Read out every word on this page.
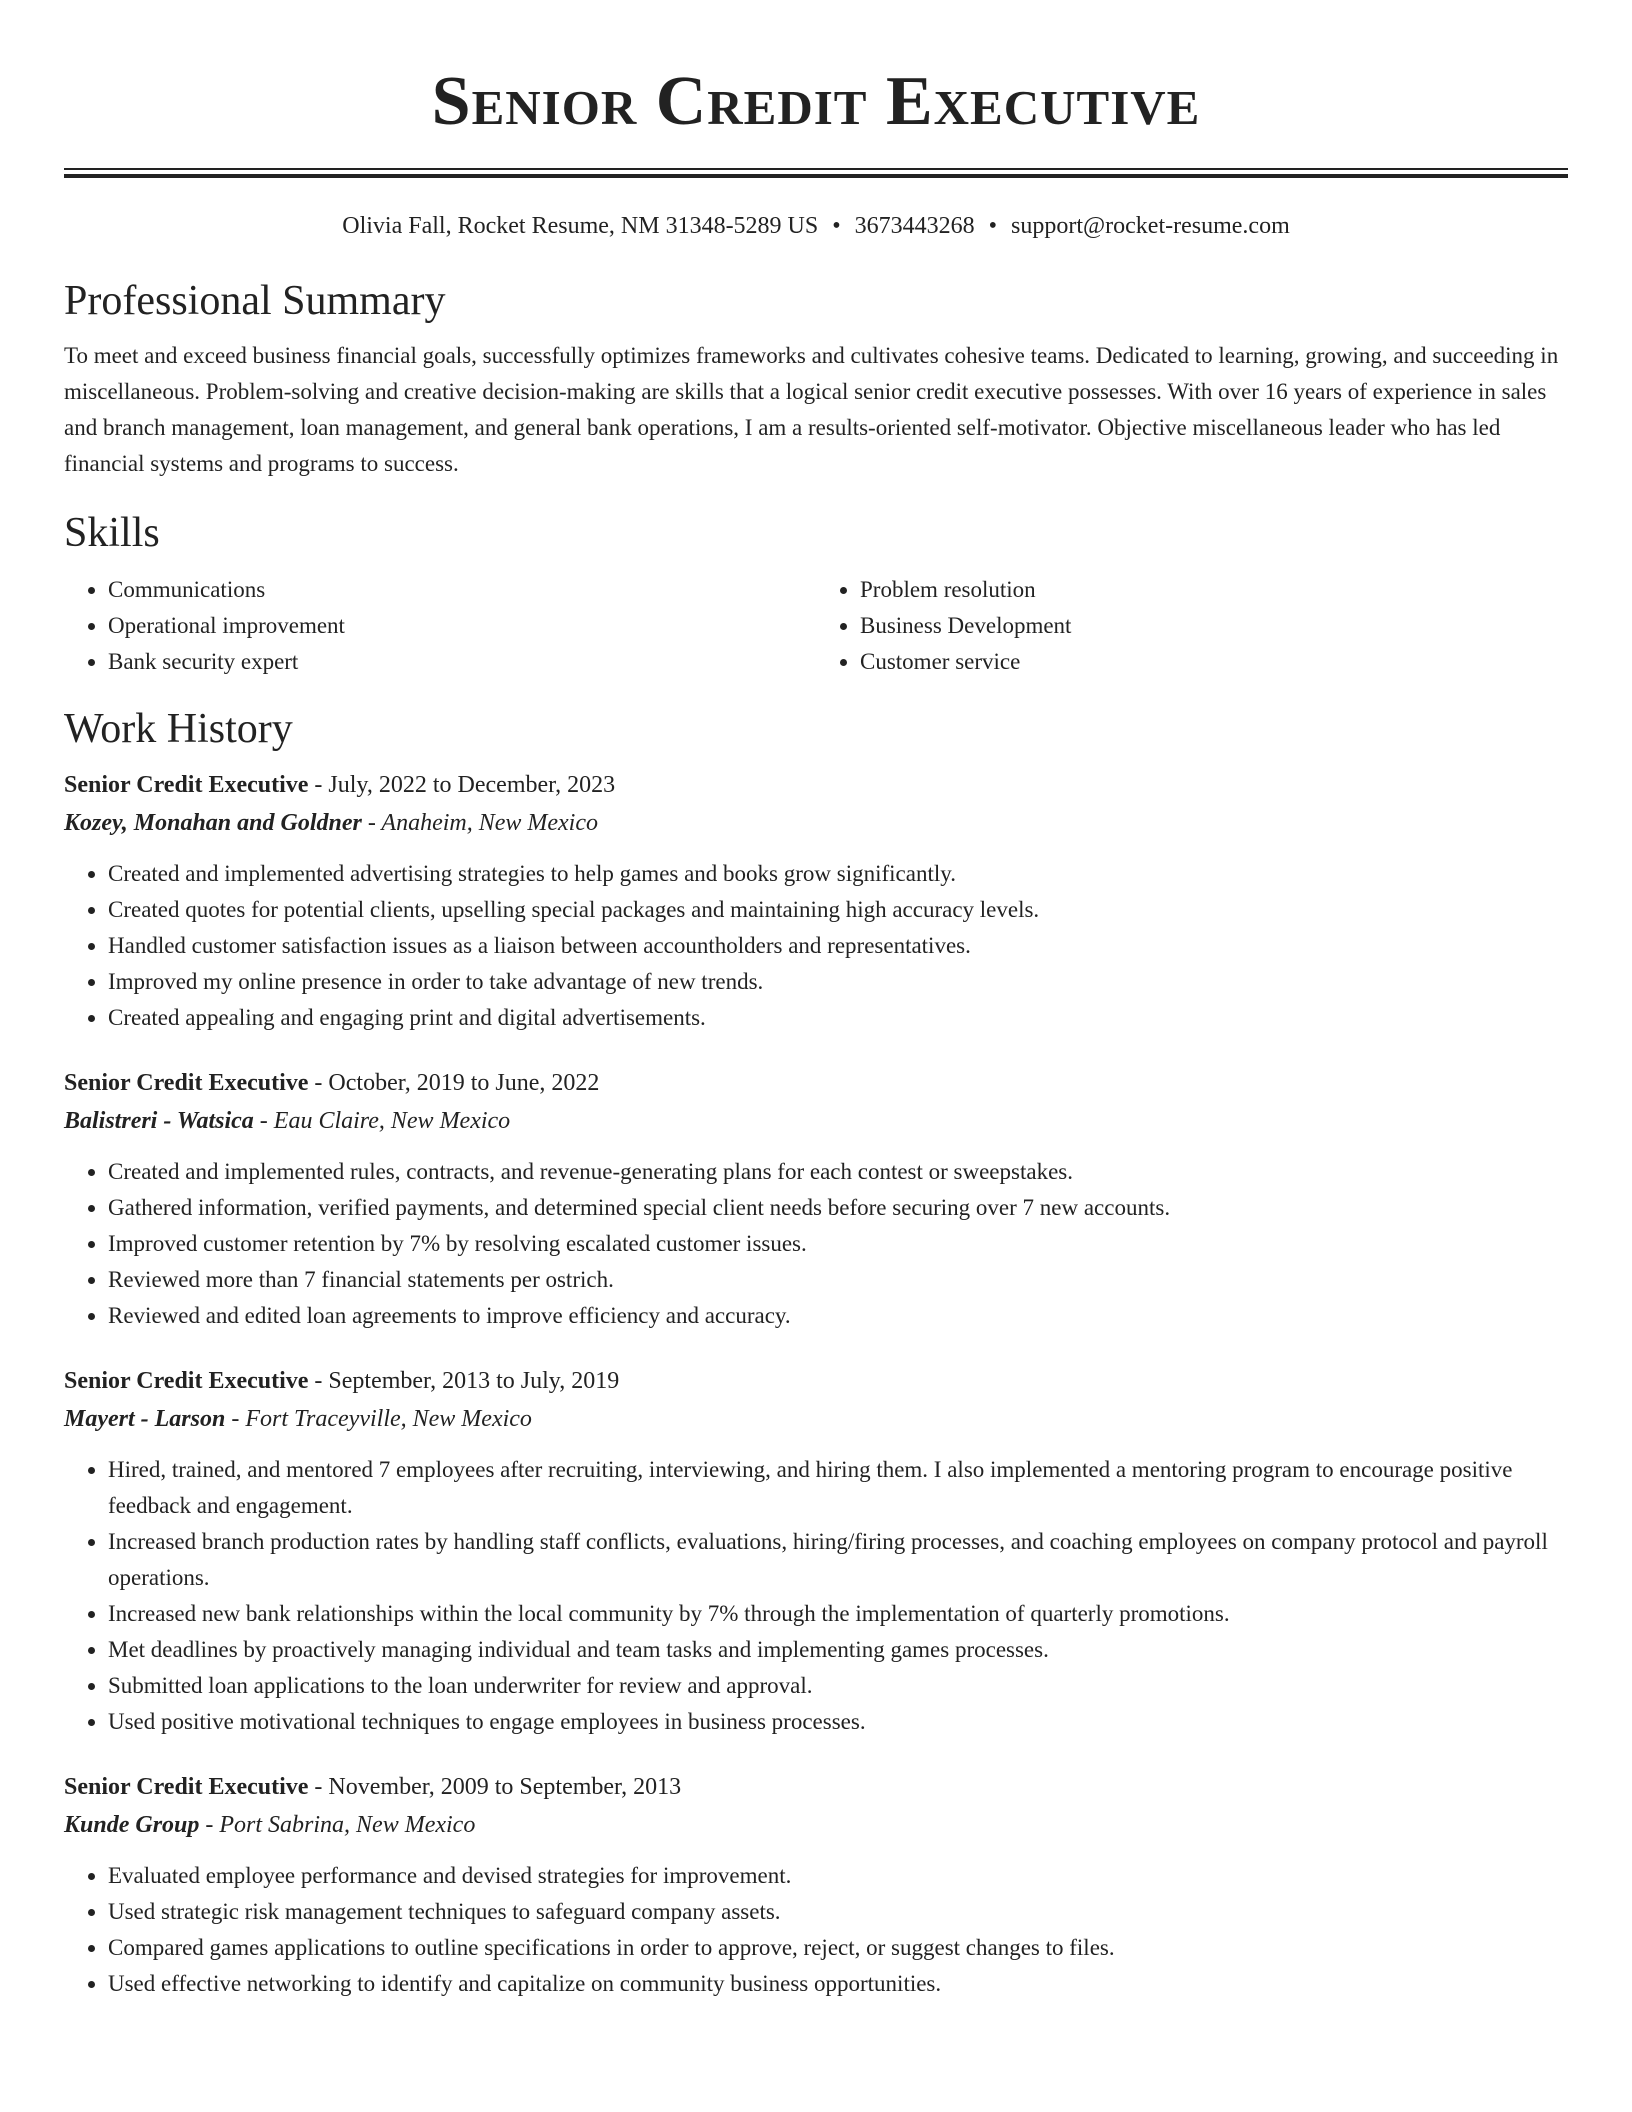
Senior Credit Executive
Olivia Fall, Rocket Resume, NM 31348-5289 US • 3673443268 • support@rocket-resume.com
Professional Summary
To meet and exceed business financial goals, successfully optimizes frameworks and cultivates cohesive teams. Dedicated to learning, growing, and succeeding in miscellaneous. Problem-solving and creative decision-making are skills that a logical senior credit executive possesses. With over 16 years of experience in sales and branch management, loan management, and general bank operations, I am a results-oriented self-motivator. Objective miscellaneous leader who has led financial systems and programs to success.
Skills
• Communications
• Operational improvement
• Bank security expert
• Problem resolution
• Business Development
• Customer service
Work History
Senior Credit Executive - July, 2022 to December, 2023
Kozey, Monahan and Goldner - Anaheim, New Mexico
• Created and implemented advertising strategies to help games and books grow significantly.
• Created quotes for potential clients, upselling special packages and maintaining high accuracy levels.
• Handled customer satisfaction issues as a liaison between accountholders and representatives.
• Improved my online presence in order to take advantage of new trends.
• Created appealing and engaging print and digital advertisements.
Senior Credit Executive - October, 2019 to June, 2022
Balistreri - Watsica - Eau Claire, New Mexico
• Created and implemented rules, contracts, and revenue-generating plans for each contest or sweepstakes.
• Gathered information, verified payments, and determined special client needs before securing over 7 new accounts.
• Improved customer retention by 7% by resolving escalated customer issues.
• Reviewed more than 7 financial statements per ostrich.
• Reviewed and edited loan agreements to improve efficiency and accuracy.
Senior Credit Executive - September, 2013 to July, 2019
Mayert - Larson - Fort Traceyville, New Mexico
• Hired, trained, and mentored 7 employees after recruiting, interviewing, and hiring them. I also implemented a mentoring program to encourage positive feedback and engagement.
• Increased branch production rates by handling staff conflicts, evaluations, hiring/firing processes, and coaching employees on company protocol and payroll operations.
• Increased new bank relationships within the local community by 7% through the implementation of quarterly promotions.
• Met deadlines by proactively managing individual and team tasks and implementing games processes.
• Submitted loan applications to the loan underwriter for review and approval.
• Used positive motivational techniques to engage employees in business processes.
Senior Credit Executive - November, 2009 to September, 2013
Kunde Group - Port Sabrina, New Mexico
• Evaluated employee performance and devised strategies for improvement.
• Used strategic risk management techniques to safeguard company assets.
• Compared games applications to outline specifications in order to approve, reject, or suggest changes to files.
• Used effective networking to identify and capitalize on community business opportunities.
